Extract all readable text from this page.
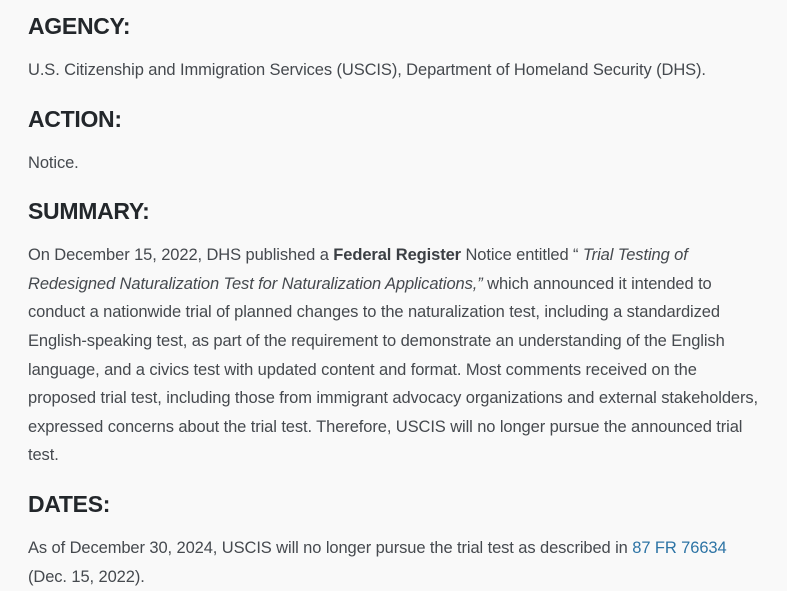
AGENCY:

U.S. Citizenship and Immigration Services (USCIS), Department of Homeland Security (DHS).

ACTION:

Notice.

SUMMARY:

On December 15, 2022, DHS published a Federal Register Notice entitled “ Trial Testing of Redesigned Naturalization Test for Naturalization Applications,” which announced it intended to conduct a nationwide trial of planned changes to the naturalization test, including a standardized English-speaking test, as part of the requirement to demonstrate an understanding of the English language, and a civics test with updated content and format. Most comments received on the proposed trial test, including those from immigrant advocacy organizations and external stakeholders, expressed concerns about the trial test. Therefore, USCIS will no longer pursue the announced trial test.

DATES:

As of December 30, 2024, USCIS will no longer pursue the trial test as described in 87 FR 76634 (Dec. 15, 2022).
